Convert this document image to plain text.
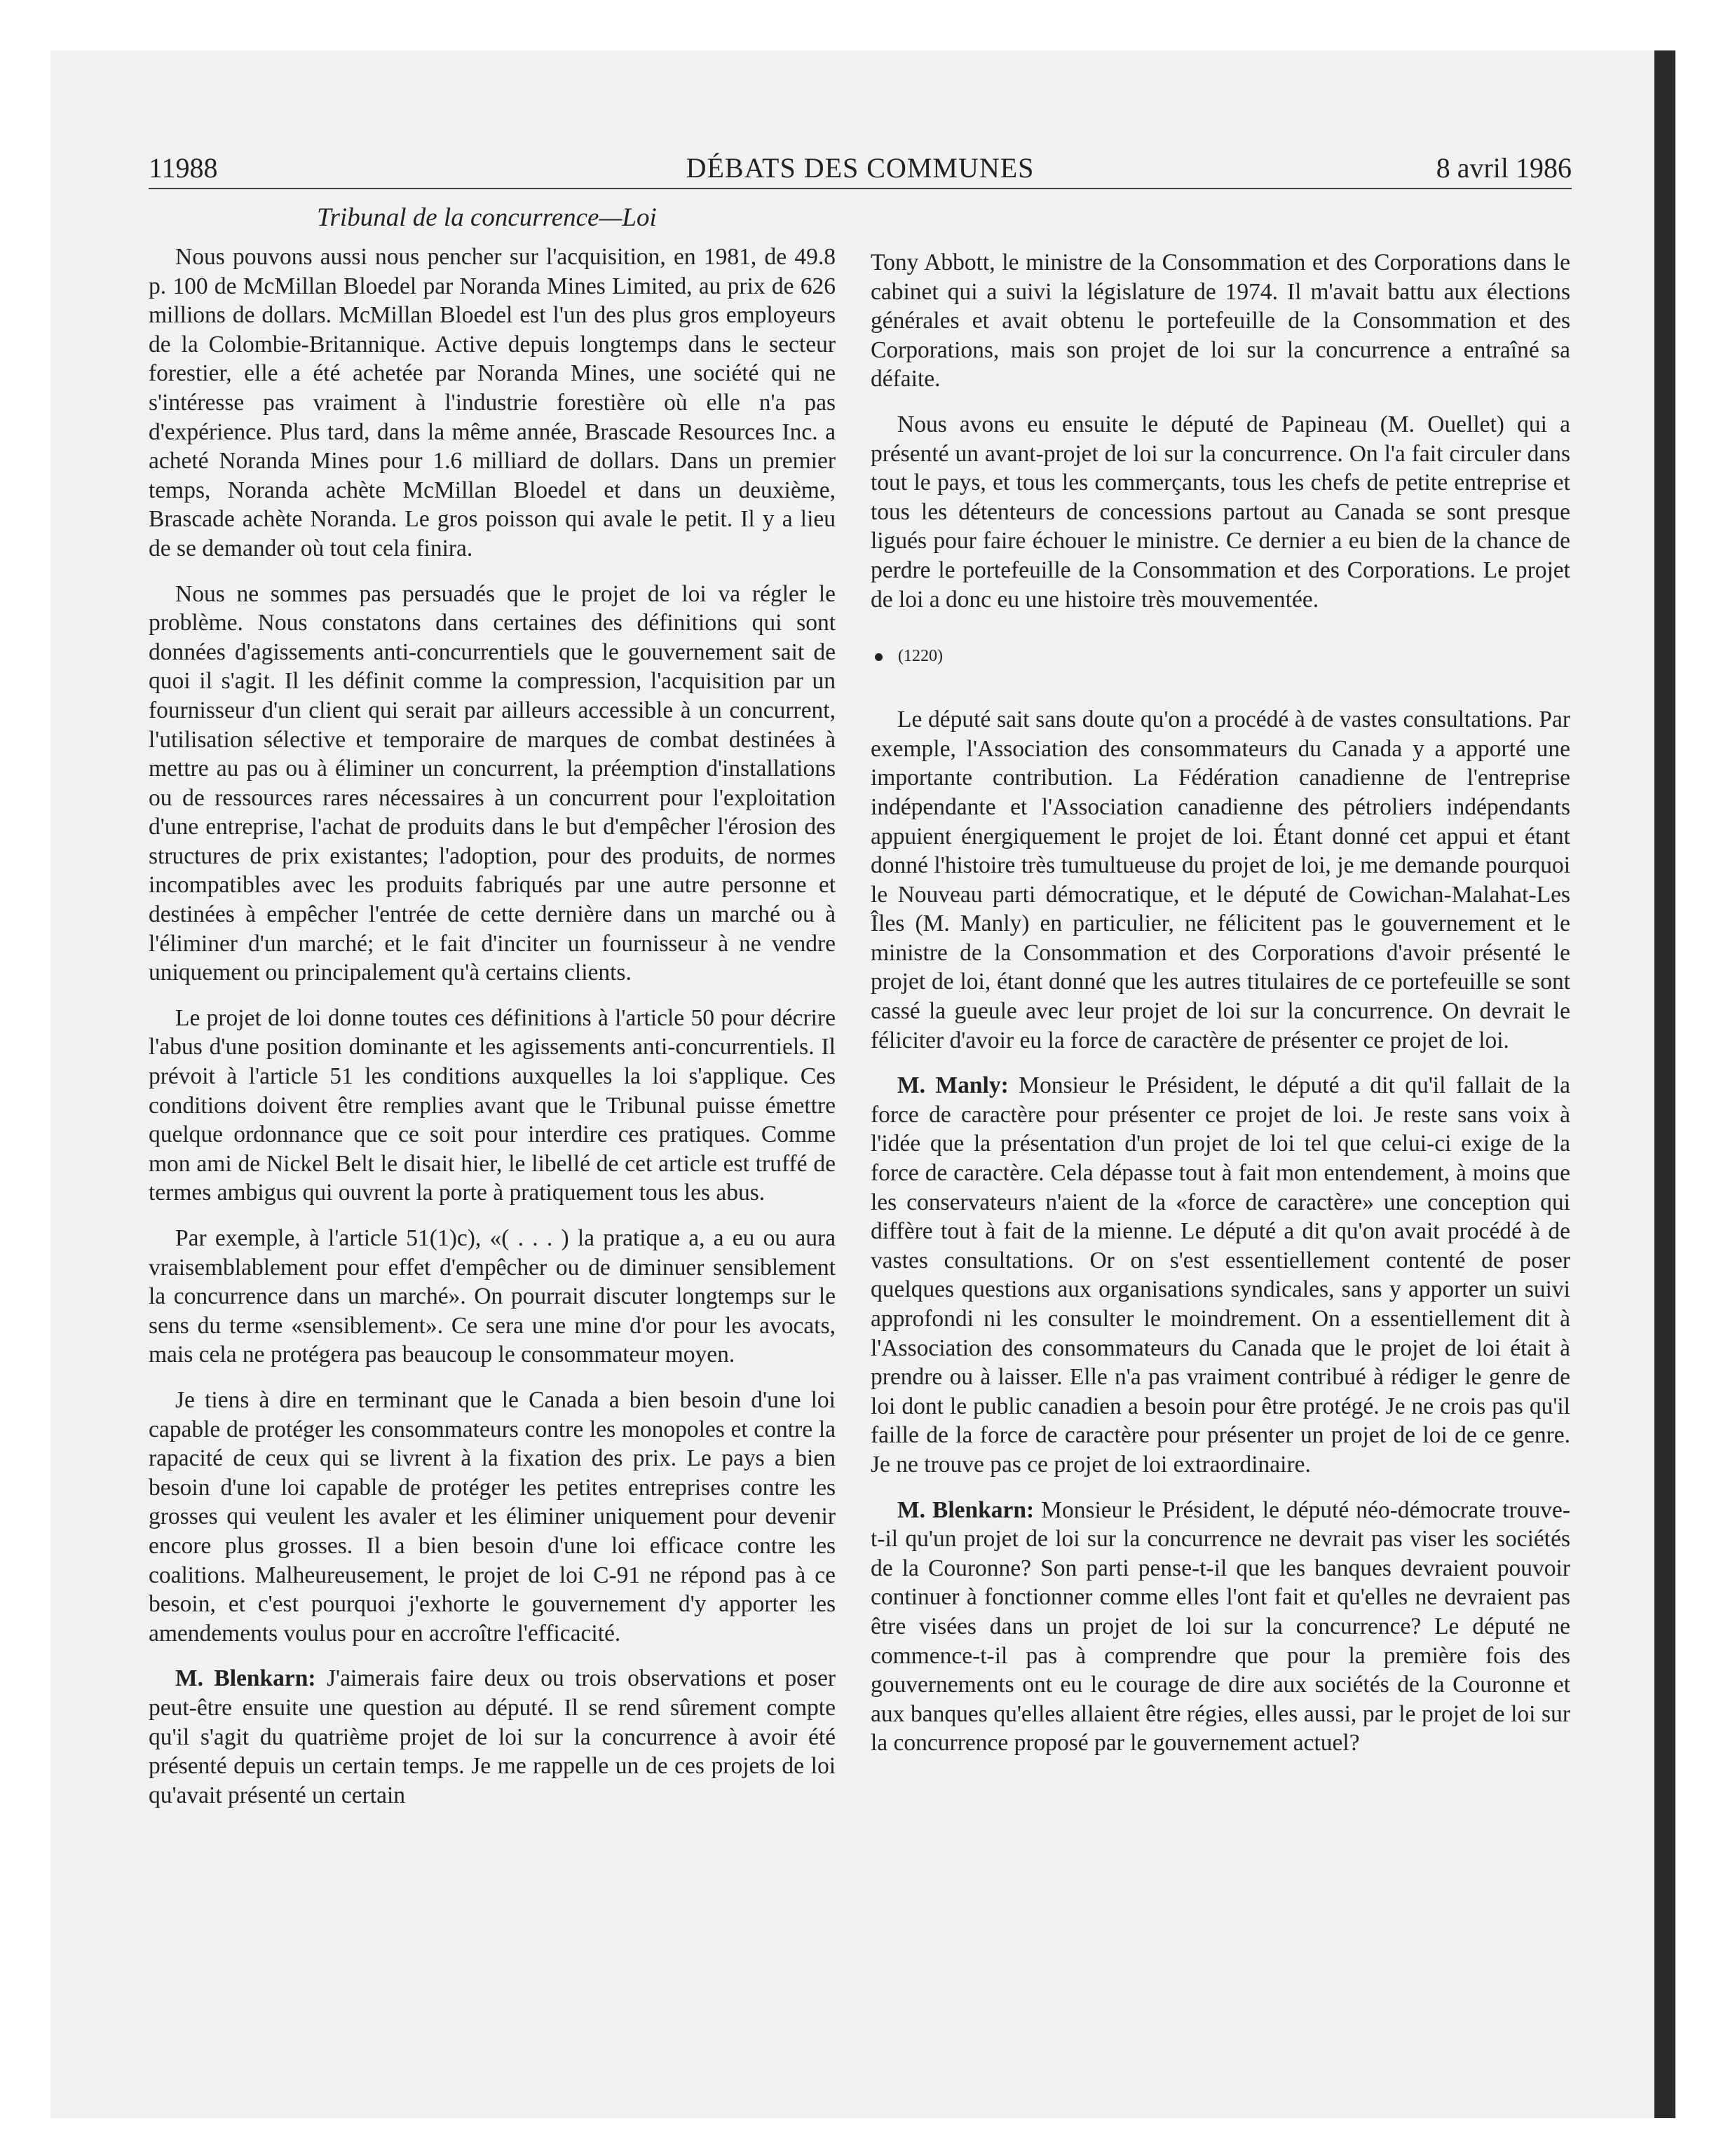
11988	DÉBATS DES COMMUNES	8 avril 1986
Tribunal de la concurrence—Loi

Nous pouvons aussi nous pencher sur l'acquisition, en 1981, de 49.8 p. 100 de McMillan Bloedel par Noranda Mines Limited, au prix de 626 millions de dollars. McMillan Bloedel est l'un des plus gros employeurs de la Colombie-Britannique. Active depuis longtemps dans le secteur forestier, elle a été achetée par Noranda Mines, une société qui ne s'intéresse pas vraiment à l'industrie forestière où elle n'a pas d'expérience. Plus tard, dans la même année, Brascade Resources Inc. a acheté Noranda Mines pour 1.6 milliard de dollars. Dans un premier temps, Noranda achète McMillan Bloedel et dans un deuxième, Brascade achète Noranda. Le gros poisson qui avale le petit. Il y a lieu de se demander où tout cela finira.

Nous ne sommes pas persuadés que le projet de loi va régler le problème. Nous constatons dans certaines des définitions qui sont données d'agissements anti-concurrentiels que le gouvernement sait de quoi il s'agit. Il les définit comme la compression, l'acquisition par un fournisseur d'un client qui serait par ailleurs accessible à un concurrent, l'utilisation sélective et temporaire de marques de combat destinées à mettre au pas ou à éliminer un concurrent, la préemption d'installations ou de ressources rares nécessaires à un concurrent pour l'exploitation d'une entreprise, l'achat de produits dans le but d'empêcher l'érosion des structures de prix existantes; l'adoption, pour des produits, de normes incompatibles avec les produits fabriqués par une autre personne et destinées à empêcher l'entrée de cette dernière dans un marché ou à l'éliminer d'un marché; et le fait d'inciter un fournisseur à ne vendre uniquement ou principalement qu'à certains clients.

Le projet de loi donne toutes ces définitions à l'article 50 pour décrire l'abus d'une position dominante et les agissements anti-concurrentiels. Il prévoit à l'article 51 les conditions auxquelles la loi s'applique. Ces conditions doivent être remplies avant que le Tribunal puisse émettre quelque ordonnance que ce soit pour interdire ces pratiques. Comme mon ami de Nickel Belt le disait hier, le libellé de cet article est truffé de termes ambigus qui ouvrent la porte à pratiquement tous les abus.

Par exemple, à l'article 51(1)c), «( . . . ) la pratique a, a eu ou aura vraisemblablement pour effet d'empêcher ou de diminuer sensiblement la concurrence dans un marché». On pourrait discuter longtemps sur le sens du terme «sensiblement». Ce sera une mine d'or pour les avocats, mais cela ne protégera pas beaucoup le consommateur moyen.

Je tiens à dire en terminant que le Canada a bien besoin d'une loi capable de protéger les consommateurs contre les monopoles et contre la rapacité de ceux qui se livrent à la fixation des prix. Le pays a bien besoin d'une loi capable de protéger les petites entreprises contre les grosses qui veulent les avaler et les éliminer uniquement pour devenir encore plus grosses. Il a bien besoin d'une loi efficace contre les coalitions. Malheureusement, le projet de loi C-91 ne répond pas à ce besoin, et c'est pourquoi j'exhorte le gouvernement d'y apporter les amendements voulus pour en accroître l'efficacité.

M. Blenkarn: J'aimerais faire deux ou trois observations et poser peut-être ensuite une question au député. Il se rend sûrement compte qu'il s'agit du quatrième projet de loi sur la concurrence à avoir été présenté depuis un certain temps. Je me rappelle un de ces projets de loi qu'avait présenté un certain

Tony Abbott, le ministre de la Consommation et des Corporations dans le cabinet qui a suivi la législature de 1974. Il m'avait battu aux élections générales et avait obtenu le portefeuille de la Consommation et des Corporations, mais son projet de loi sur la concurrence a entraîné sa défaite.

Nous avons eu ensuite le député de Papineau (M. Ouellet) qui a présenté un avant-projet de loi sur la concurrence. On l'a fait circuler dans tout le pays, et tous les commerçants, tous les chefs de petite entreprise et tous les détenteurs de concessions partout au Canada se sont presque ligués pour faire échouer le ministre. Ce dernier a eu bien de la chance de perdre le portefeuille de la Consommation et des Corporations. Le projet de loi a donc eu une histoire très mouvementée.

(1220)

Le député sait sans doute qu'on a procédé à de vastes consultations. Par exemple, l'Association des consommateurs du Canada y a apporté une importante contribution. La Fédération canadienne de l'entreprise indépendante et l'Association canadienne des pétroliers indépendants appuient énergiquement le projet de loi. Étant donné cet appui et étant donné l'histoire très tumultueuse du projet de loi, je me demande pourquoi le Nouveau parti démocratique, et le député de Cowichan-Malahat-Les Îles (M. Manly) en particulier, ne félicitent pas le gouvernement et le ministre de la Consommation et des Corporations d'avoir présenté le projet de loi, étant donné que les autres titulaires de ce portefeuille se sont cassé la gueule avec leur projet de loi sur la concurrence. On devrait le féliciter d'avoir eu la force de caractère de présenter ce projet de loi.

M. Manly: Monsieur le Président, le député a dit qu'il fallait de la force de caractère pour présenter ce projet de loi. Je reste sans voix à l'idée que la présentation d'un projet de loi tel que celui-ci exige de la force de caractère. Cela dépasse tout à fait mon entendement, à moins que les conservateurs n'aient de la «force de caractère» une conception qui diffère tout à fait de la mienne. Le député a dit qu'on avait procédé à de vastes consultations. Or on s'est essentiellement contenté de poser quelques questions aux organisations syndicales, sans y apporter un suivi approfondi ni les consulter le moindrement. On a essentiellement dit à l'Association des consommateurs du Canada que le projet de loi était à prendre ou à laisser. Elle n'a pas vraiment contribué à rédiger le genre de loi dont le public canadien a besoin pour être protégé. Je ne crois pas qu'il faille de la force de caractère pour présenter un projet de loi de ce genre. Je ne trouve pas ce projet de loi extraordinaire.

M. Blenkarn: Monsieur le Président, le député néo-démocrate trouve-t-il qu'un projet de loi sur la concurrence ne devrait pas viser les sociétés de la Couronne? Son parti pense-t-il que les banques devraient pouvoir continuer à fonctionner comme elles l'ont fait et qu'elles ne devraient pas être visées dans un projet de loi sur la concurrence? Le député ne commence-t-il pas à comprendre que pour la première fois des gouvernements ont eu le courage de dire aux sociétés de la Couronne et aux banques qu'elles allaient être régies, elles aussi, par le projet de loi sur la concurrence proposé par le gouvernement actuel?
